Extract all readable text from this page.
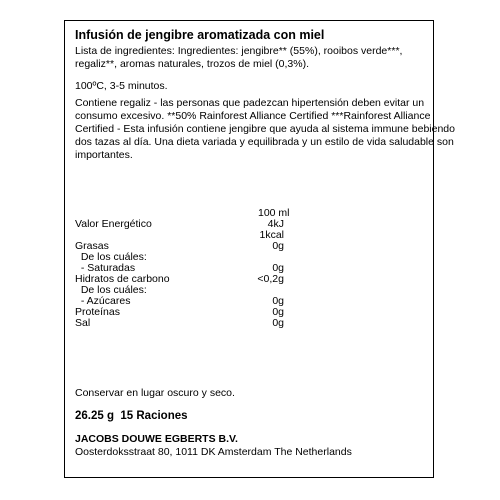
Infusión de jengibre aromatizada con miel
Lista de ingredientes: Ingredientes: jengibre** (55%), rooibos verde***,
regaliz**, aromas naturales, trozos de miel (0,3%).
100ºC, 3-5 minutos.
Contiene regaliz - las personas que padezcan hipertensión deben evitar un
consumo excesivo. **50% Rainforest Alliance Certified ***Rainforest Alliance
Certified - Esta infusión contiene jengibre que ayuda al sistema immune bebiendo
dos tazas al día. Una dieta variada y equilibrada y un estilo de vida saludable son
importantes.
100 ml
Valor Energético	4kJ
1kcal
Grasas	0g
De los cuáles:
- Saturadas	0g
Hidratos de carbono	<0,2g
De los cuáles:
- Azúcares	0g
Proteínas	0g
Sal	0g
Conservar en lugar oscuro y seco.
26.25 g  15 Raciones
JACOBS DOUWE EGBERTS B.V.
Oosterdoksstraat 80, 1011 DK Amsterdam The Netherlands
